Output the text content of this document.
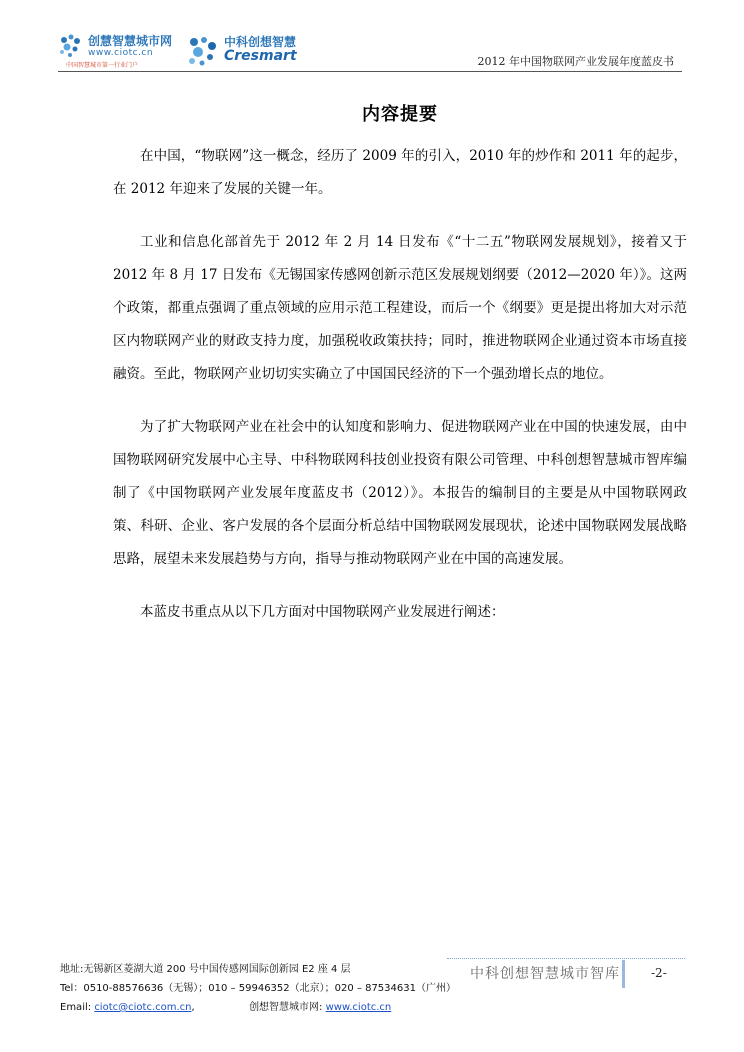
创慧智慧城市网
www.ciotc.cn
中国智慧城市第一行业门户
中科创想智慧
Cresmart	2012 年中国物联网产业发展年度蓝皮书
内容提要

在中国，“物联网”这一概念，经历了 2009 年的引入，2010 年的炒作和 2011 年的起步，在 2012 年迎来了发展的关键一年。

工业和信息化部首先于 2012 年 2 月 14 日发布《“十二五”物联网发展规划》，接着又于 2012 年 8 月 17 日发布《无锡国家传感网创新示范区发展规划纲要（2012—2020 年）》。这两个政策，都重点强调了重点领域的应用示范工程建设，而后一个《纲要》更是提出将加大对示范区内物联网产业的财政支持力度，加强税收政策扶持；同时，推进物联网企业通过资本市场直接融资。至此，物联网产业切切实实确立了中国国民经济的下一个强劲增长点的地位。

为了扩大物联网产业在社会中的认知度和影响力、促进物联网产业在中国的快速发展，由中国物联网研究发展中心主导、中科物联网科技创业投资有限公司管理、中科创想智慧城市智库编制了《中国物联网产业发展年度蓝皮书（2012）》。本报告的编制目的主要是从中国物联网政策、科研、企业、客户发展的各个层面分析总结中国物联网发展现状，论述中国物联网发展战略思路，展望未来发展趋势与方向，指导与推动物联网产业在中国的高速发展。

本蓝皮书重点从以下几方面对中国物联网产业发展进行阐述：

地址:无锡新区菱湖大道 200 号中国传感网国际创新园 E2 座 4 层
Tel：0510-88576636（无锡）；010 – 59946352（北京）；020 – 87534631（广州）
Email: ciotc@ciotc.com.cn,	创想智慧城市网: www.ciotc.cn
中科创想智慧城市智库	-2-
